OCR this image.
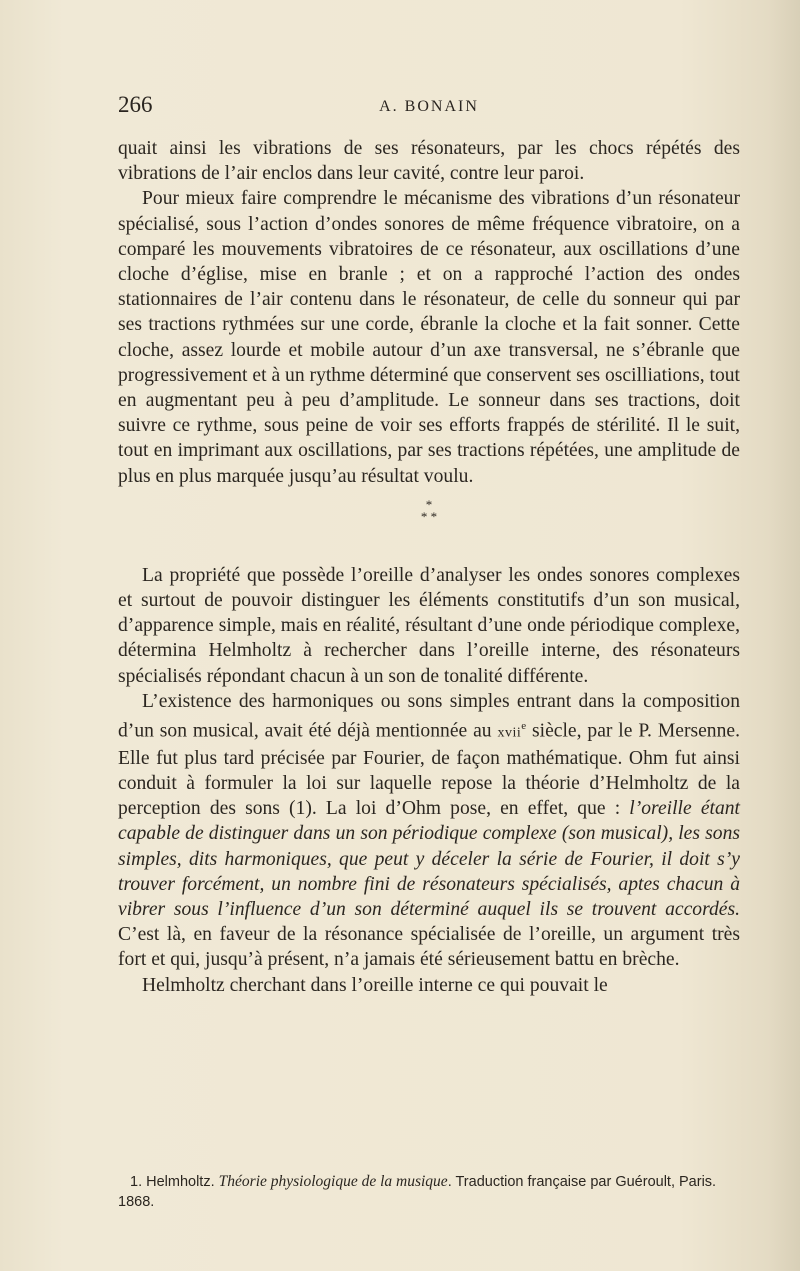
266	A. BONAIN

quait ainsi les vibrations de ses résonateurs, par les chocs répétés des vibrations de l’air enclos dans leur cavité, contre leur paroi.

Pour mieux faire comprendre le mécanisme des vibrations d’un résonateur spécialisé, sous l’action d’ondes sonores de même fréquence vibratoire, on a comparé les mouvements vibratoires de ce résonateur, aux oscillations d’une cloche d’église, mise en branle ; et on a rapproché l’action des ondes stationnaires de l’air contenu dans le résonateur, de celle du sonneur qui par ses tractions rythmées sur une corde, ébranle la cloche et la fait sonner. Cette cloche, assez lourde et mobile autour d’un axe transversal, ne s’ébranle que progressivement et à un rythme déterminé que conservent ses oscilliations, tout en augmentant peu à peu d’amplitude. Le sonneur dans ses tractions, doit suivre ce rythme, sous peine de voir ses efforts frappés de stérilité. Il le suit, tout en imprimant aux oscillations, par ses tractions répétées, une amplitude de plus en plus marquée jusqu’au résultat voulu.

*
* *

La propriété que possède l’oreille d’analyser les ondes sonores complexes et surtout de pouvoir distinguer les éléments constitutifs d’un son musical, d’apparence simple, mais en réalité, résultant d’une onde périodique complexe, détermina Helmholtz à rechercher dans l’oreille interne, des résonateurs spécialisés répondant chacun à un son de tonalité différente.

L’existence des harmoniques ou sons simples entrant dans la composition d’un son musical, avait été déjà mentionnée au xvii$^e$ siècle, par le P. Mersenne. Elle fut plus tard précisée par Fourier, de façon mathématique. Ohm fut ainsi conduit à formuler la loi sur laquelle repose la théorie d’Helmholtz de la perception des sons (1). La loi d’Ohm pose, en effet, que : l’oreille étant capable de distinguer dans un son périodique complexe (son musical), les sons simples, dits harmoniques, que peut y déceler la série de Fourier, il doit s’y trouver forcément, un nombre fini de résonateurs spécialisés, aptes chacun à vibrer sous l’influence d’un son déterminé auquel ils se trouvent accordés. C’est là, en faveur de la résonance spécialisée de l’oreille, un argument très fort et qui, jusqu’à présent, n’a jamais été sérieusement battu en brèche.

Helmholtz cherchant dans l’oreille interne ce qui pouvait le

1. Helmholtz. Théorie physiologique de la musique. Traduction française par Guéroult, Paris. 1868.
